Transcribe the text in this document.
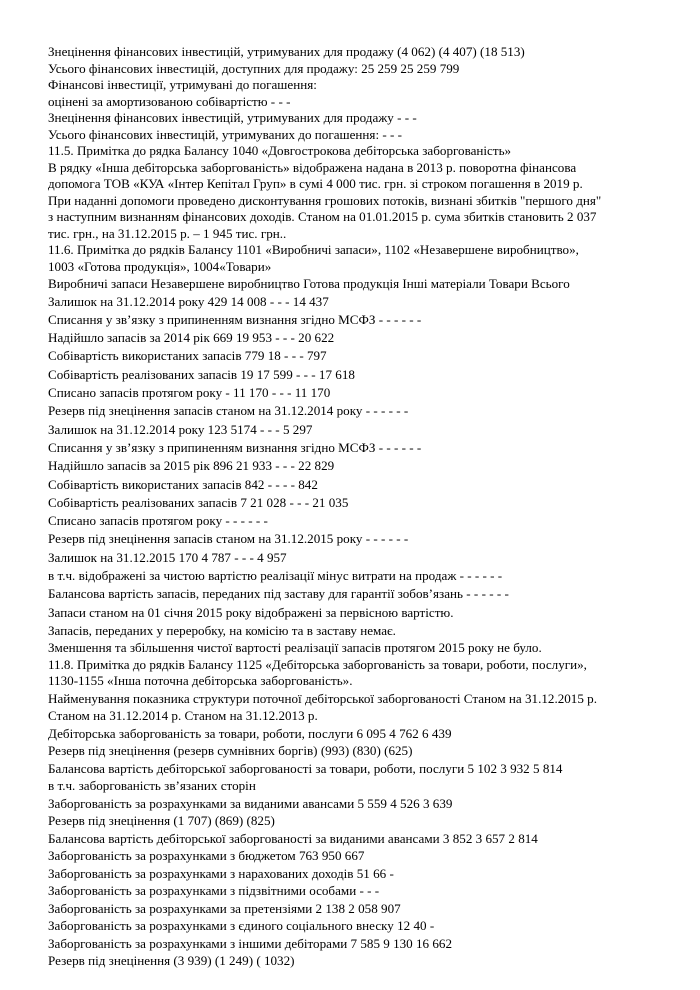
Знецінення фінансових інвестицій, утримуваних для продажу (4 062) (4 407) (18 513)
Усього фінансових інвестицій, доступних для продажу: 25 259 25 259 799
Фінансові інвестиції, утримувані до погашення:
оцінені за амортизованою собівартістю - - -
Знецінення фінансових інвестицій, утримуваних для продажу - - -
Усього фінансових інвестицій, утримуваних до погашення: - - -
11.5. Примітка до рядка Балансу 1040 «Довгострокова дебіторська заборгованість»
В рядку «Інша дебіторська заборгованість» відображена надана в 2013 р. поворотна фінансова
допомога ТОВ «КУА «Інтер Кепітал Груп» в сумі 4 000 тис. грн. зі строком погашення в 2019 р.
При наданні допомоги проведено дисконтування грошових потоків, визнані збитків "першого дня"
з наступним визнанням фінансових доходів. Станом на 01.01.2015 р. сума збитків становить 2 037
тис. грн., на 31.12.2015 р. – 1 945 тис. грн..
11.6. Примітка до рядків Балансу 1101 «Виробничі запаси», 1102 «Незавершене виробництво»,
1003 «Готова продукція», 1004«Товари»
Виробничі запаси Незавершене виробництво Готова продукція Інші матеріали Товари Всього
Залишок на 31.12.2014 року 429 14 008 - - - 14 437
Списання у зв’язку з припиненням визнання згідно МСФЗ - - - - - -
Надійшло запасів за 2014 рік 669 19 953 - - - 20 622
Собівартість використаних запасів 779 18 - - - 797
Собівартість реалізованих запасів 19 17 599 - - - 17 618
Списано запасів протягом року - 11 170 - - - 11 170
Резерв під знецінення запасів станом на 31.12.2014 року - - - - - -
Залишок на 31.12.2014 року 123 5174 - - - 5 297
Списання у зв’язку з припиненням визнання згідно МСФЗ - - - - - -
Надійшло запасів за 2015 рік 896 21 933 - - - 22 829
Собівартість використаних запасів 842 - - - - 842
Собівартість реалізованих запасів 7 21 028 - - - 21 035
Списано запасів протягом року - - - - - -
Резерв під знецінення запасів станом на 31.12.2015 року - - - - - -
Залишок на 31.12.2015 170 4 787 - - - 4 957
в т.ч. відображені за чистою вартістю реалізації мінус витрати на продаж - - - - - -
Балансова вартість запасів, переданих під заставу для гарантії зобов’язань - - - - - -
Запаси станом на 01 січня 2015 року відображені за первісною вартістю.
Запасів, переданих у переробку, на комісію та в заставу немає.
Зменшення та збільшення чистої вартості реалізації запасів протягом 2015 року не було.
11.8. Примітка до рядків Балансу 1125 «Дебіторська заборгованість за товари, роботи, послуги»,
1130-1155 «Інша поточна дебіторська заборгованість».
Найменування показника структури поточної дебіторської заборгованості Станом на 31.12.2015 р.
Станом на 31.12.2014 р. Станом на 31.12.2013 р.
Дебіторська заборгованість за товари, роботи, послуги 6 095 4 762 6 439
Резерв під знецінення (резерв сумнівних боргів) (993) (830) (625)
Балансова вартість дебіторської заборгованості за товари, роботи, послуги 5 102 3 932 5 814
в т.ч. заборгованість зв’язаних сторін
Заборгованість за розрахунками за виданими авансами 5 559 4 526 3 639
Резерв під знецінення (1 707) (869) (825)
Балансова вартість дебіторської заборгованості за виданими авансами 3 852 3 657 2 814
Заборгованість за розрахунками з бюджетом 763 950 667
Заборгованість за розрахунками з нарахованих доходів 51 66 -
Заборгованість за розрахунками з підзвітними особами - - -
Заборгованість за розрахунками за претензіями 2 138 2 058 907
Заборгованість за розрахунками з єдиного соціального внеску 12 40 -
Заборгованість за розрахунками з іншими дебіторами 7 585 9 130 16 662
Резерв під знецінення (3 939) (1 249) ( 1032)
